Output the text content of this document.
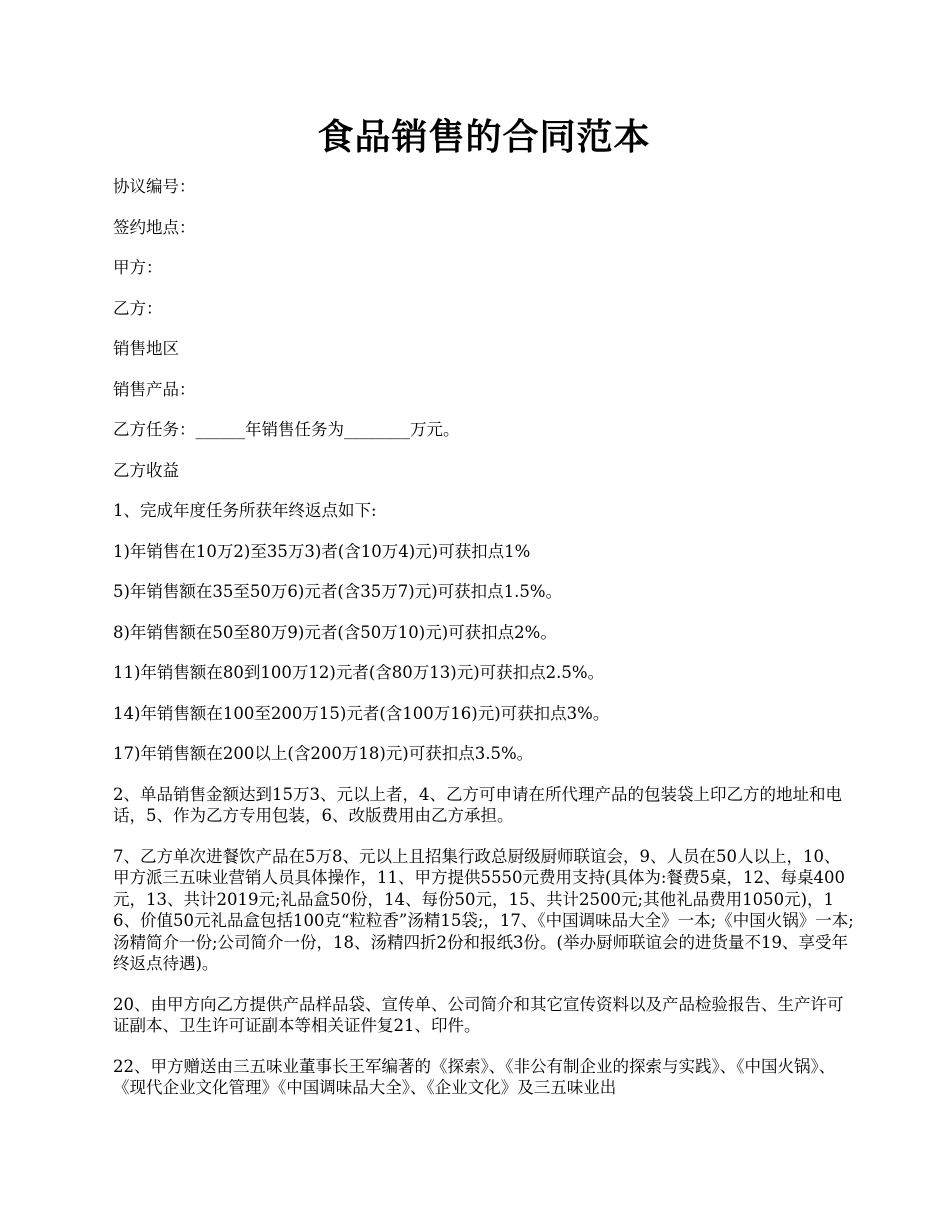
食品销售的合同范本

协议编号：

签约地点：

甲方：

乙方：

销售地区

销售产品：

乙方任务：______年销售任务为________万元。

乙方收益

1、完成年度任务所获年终返点如下:

1)年销售在10万2)至35万3)者(含10万4)元)可获扣点1%

5)年销售额在35至50万6)元者(含35万7)元)可获扣点1.5%。

8)年销售额在50至80万9)元者(含50万10)元)可获扣点2%。

11)年销售额在80到100万12)元者(含80万13)元)可获扣点2.5%。

14)年销售额在100至200万15)元者(含100万16)元)可获扣点3%。

17)年销售额在200以上(含200万18)元)可获扣点3.5%。

2、单品销售金额达到15万3、元以上者，4、乙方可申请在所代理产品的包装袋上印乙方的地址和电话，5、作为乙方专用包装，6、改版费用由乙方承担。

7、乙方单次进餐饮产品在5万8、元以上且招集行政总厨级厨师联谊会，9、人员在50人以上，10、甲方派三五味业营销人员具体操作，11、甲方提供5550元费用支持(具体为:餐费5桌，12、每桌400元，13、共计2019元;礼品盒50份，14、每份50元，15、共计2500元;其他礼品费用1050元)，16、价值50元礼品盒包括100克“粒粒香”汤精15袋;，17、《中国调味品大全》一本;《中国火锅》一本;汤精简介一份;公司简介一份，18、汤精四折2份和报纸3份。(举办厨师联谊会的进货量不19、享受年终返点待遇)。

20、由甲方向乙方提供产品样品袋、宣传单、公司简介和其它宣传资料以及产品检验报告、生产许可证副本、卫生许可证副本等相关证件复21、印件。

22、甲方赠送由三五味业董事长王军编著的《探索》、《非公有制企业的探索与实践》、《中国火锅》、《现代企业文化管理》《中国调味品大全》、《企业文化》及三五味业出
